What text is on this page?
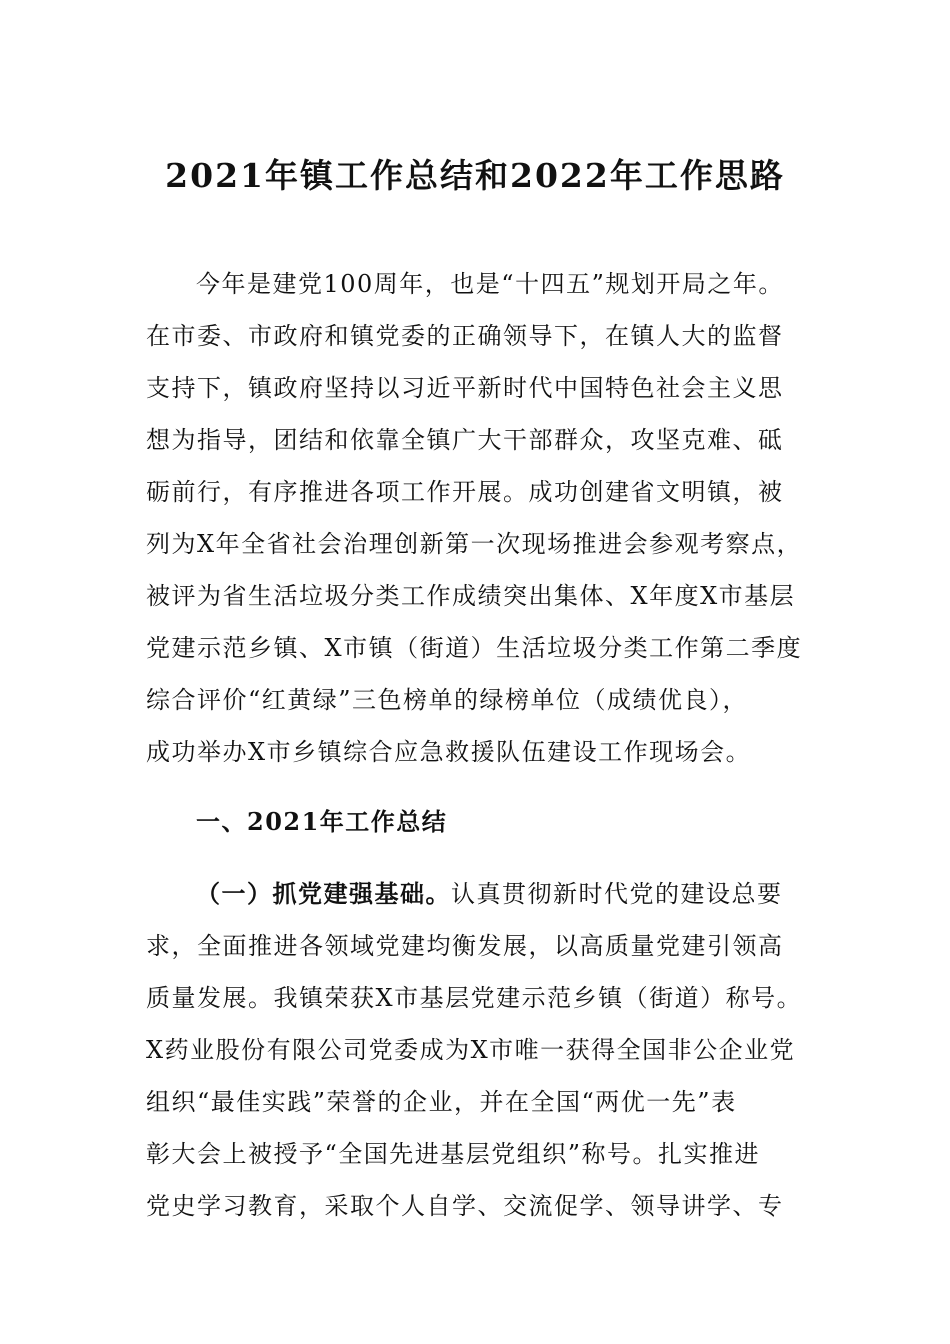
2021年镇工作总结和2022年工作思路
今年是建党100周年，也是“十四五”规划开局之年。
在市委、市政府和镇党委的正确领导下，在镇人大的监督
支持下，镇政府坚持以习近平新时代中国特色社会主义思
想为指导，团结和依靠全镇广大干部群众，攻坚克难、砥
砺前行，有序推进各项工作开展。成功创建省文明镇，被
列为X年全省社会治理创新第一次现场推进会参观考察点，
被评为省生活垃圾分类工作成绩突出集体、X年度X市基层
党建示范乡镇、X市镇（街道）生活垃圾分类工作第二季度
综合评价“红黄绿”三色榜单的绿榜单位（成绩优良），
成功举办X市乡镇综合应急救援队伍建设工作现场会。
一、2021年工作总结
（一）抓党建强基础。认真贯彻新时代党的建设总要
求，全面推进各领域党建均衡发展，以高质量党建引领高
质量发展。我镇荣获X市基层党建示范乡镇（街道）称号。
X药业股份有限公司党委成为X市唯一获得全国非公企业党
组织“最佳实践”荣誉的企业，并在全国“两优一先”表
彰大会上被授予“全国先进基层党组织”称号。扎实推进
党史学习教育，采取个人自学、交流促学、领导讲学、专
